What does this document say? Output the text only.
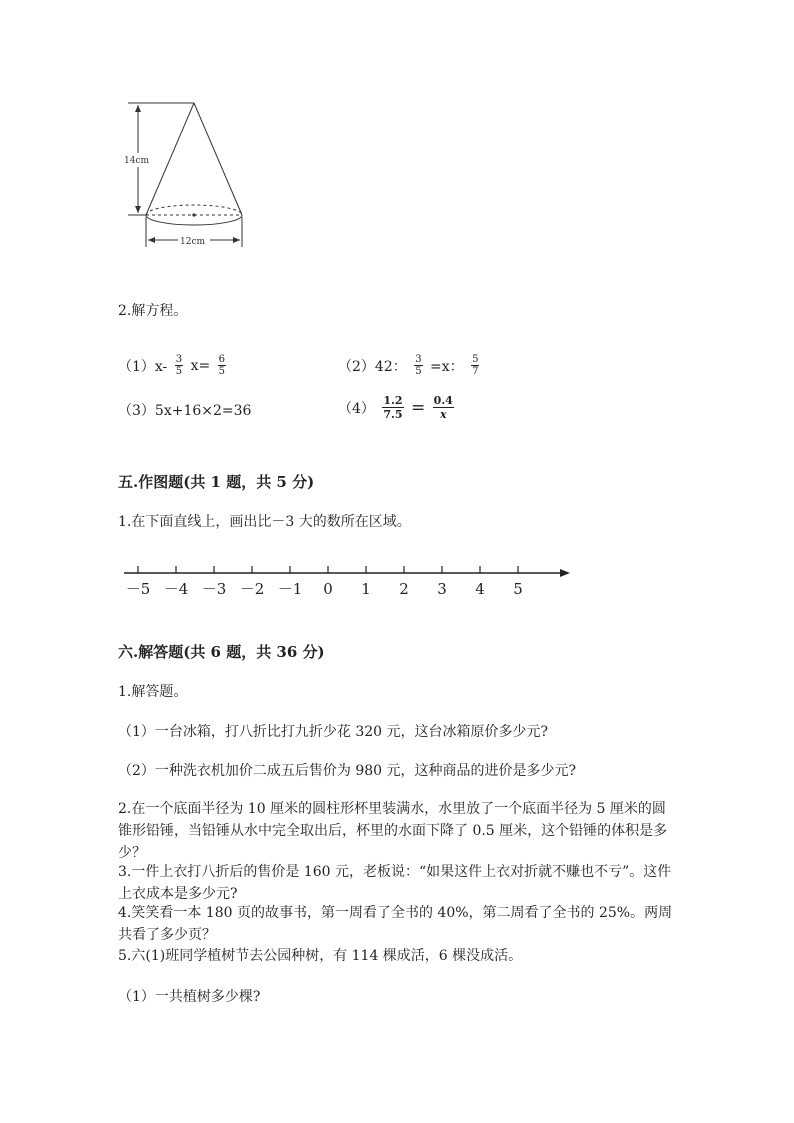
14cm
12cm
2.解方程。
$(1)x- \frac{3}{5} x= \frac{6}{5}$	（2）42： $\frac{3}{5} =x$： $\frac{5}{7}$
（3）5x+16×2=36	$(4) \frac{1.2}{7.5} = \frac{0.4}{x}$
五.作图题(共 1 题，共 5 分)
1.在下面直线上，画出比－3 大的数所在区域。
－5 －4 －3 －2 －1 0 1 2 3 4 5
六.解答题(共 6 题，共 36 分)
1.解答题。
（1）一台冰箱，打八折比打九折少花 320 元，这台冰箱原价多少元?
（2）一种洗衣机加价二成五后售价为 980 元，这种商品的进价是多少元?
2.在一个底面半径为 10 厘米的圆柱形杯里装满水，水里放了一个底面半径为 5 厘米的圆锥形铅锤，当铅锤从水中完全取出后，杯里的水面下降了 0.5 厘米，这个铅锤的体积是多少？
3.一件上衣打八折后的售价是 160 元，老板说：“如果这件上衣对折就不赚也不亏”。这件上衣成本是多少元?
4.笑笑看一本 180 页的故事书，第一周看了全书的 40%，第二周看了全书的 25%。两周共看了多少页？
5.六(1)班同学植树节去公园种树，有 114 棵成活，6 棵没成活。
（1）一共植树多少棵?
